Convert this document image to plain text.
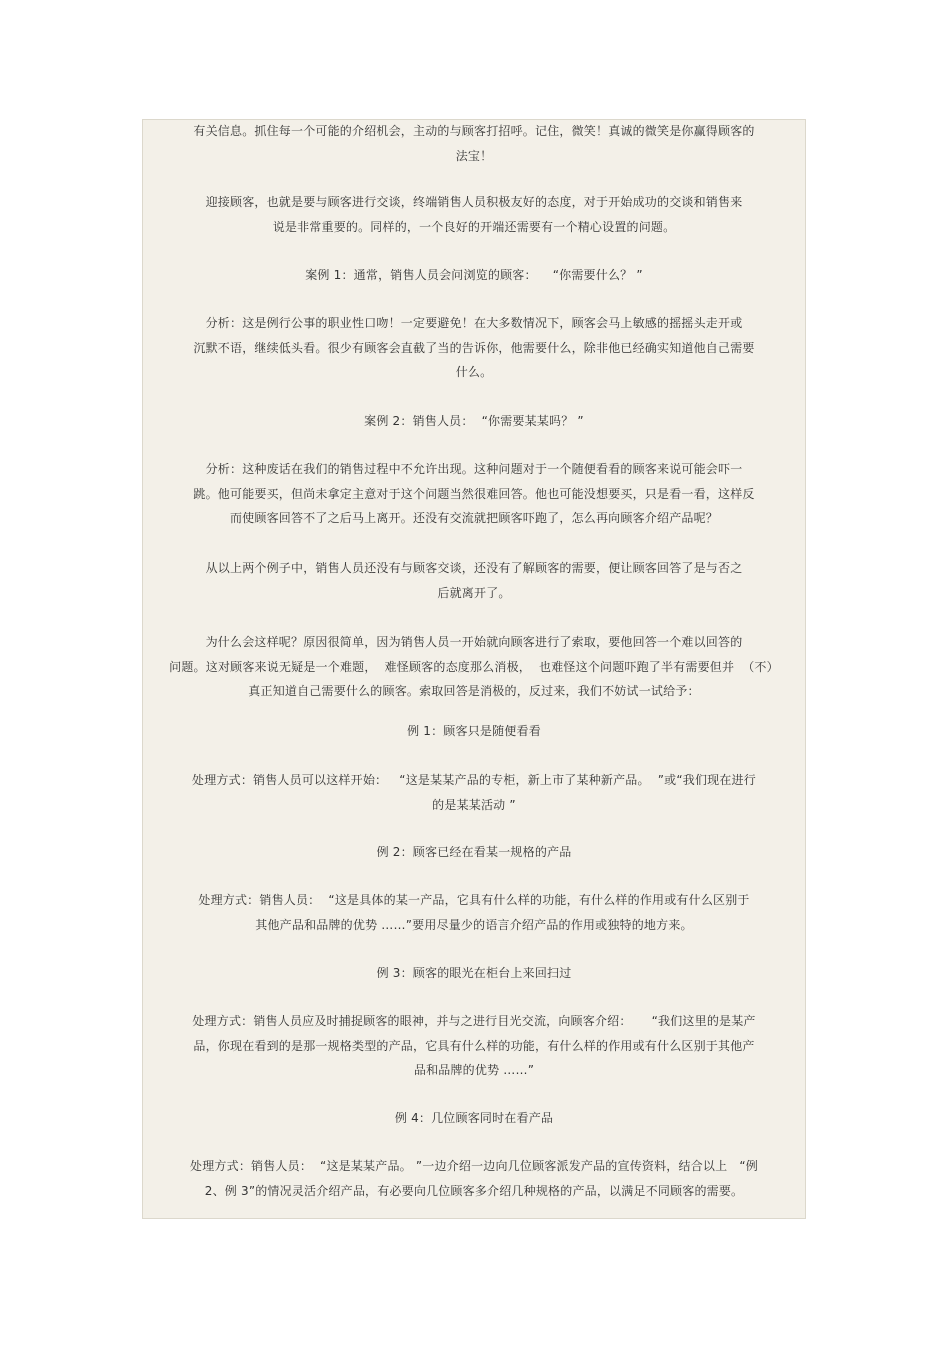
有关信息。抓住每一个可能的介绍机会，主动的与顾客打招呼。记住，微笑！真诚的微笑是你赢得顾客的
法宝！

迎接顾客，也就是要与顾客进行交谈，终端销售人员积极友好的态度，对于开始成功的交谈和销售来
说是非常重要的。同样的，一个良好的开端还需要有一个精心设置的问题。

案例 1：通常，销售人员会问浏览的顾客：    “你需要什么？ ”

分析：这是例行公事的职业性口吻！一定要避免！在大多数情况下，顾客会马上敏感的摇摇头走开或
沉默不语，继续低头看。很少有顾客会直截了当的告诉你，他需要什么，除非他已经确实知道他自己需要
什么。

案例 2：销售人员：  “你需要某某吗？ ”

分析：这种废话在我们的销售过程中不允许出现。这种问题对于一个随便看看的顾客来说可能会吓一
跳。他可能要买，但尚未拿定主意对于这个问题当然很难回答。他也可能没想要买，只是看一看，这样反
而使顾客回答不了之后马上离开。还没有交流就把顾客吓跑了，怎么再向顾客介绍产品呢？

从以上两个例子中，销售人员还没有与顾客交谈，还没有了解顾客的需要，便让顾客回答了是与否之
后就离开了。

为什么会这样呢？原因很简单，因为销售人员一开始就向顾客进行了索取，要他回答一个难以回答的
问题。这对顾客来说无疑是一个难题，  难怪顾客的态度那么消极，  也难怪这个问题吓跑了半有需要但并  （不）
真正知道自己需要什么的顾客。索取回答是消极的，反过来，我们不妨试一试给予：

例 1：顾客只是随便看看

处理方式：销售人员可以这样开始：   “这是某某产品的专柜，新上市了某种新产品。  ”或“我们现在进行
的是某某活动 ”

例 2：顾客已经在看某一规格的产品

处理方式：销售人员：  “这是具体的某一产品，它具有什么样的功能，有什么样的作用或有什么区别于
其他产品和品牌的优势 ……”要用尽量少的语言介绍产品的作用或独特的地方来。

例 3：顾客的眼光在柜台上来回扫过

处理方式：销售人员应及时捕捉顾客的眼神，并与之进行目光交流，向顾客介绍：     “我们这里的是某产
品，你现在看到的是那一规格类型的产品，它具有什么样的功能，有什么样的作用或有什么区别于其他产
品和品牌的优势 ……”

例 4：几位顾客同时在看产品

处理方式：销售人员：  “这是某某产品。 ”一边介绍一边向几位顾客派发产品的宣传资料，结合以上   “例
2、例 3”的情况灵活介绍产品，有必要向几位顾客多介绍几种规格的产品，以满足不同顾客的需要。
